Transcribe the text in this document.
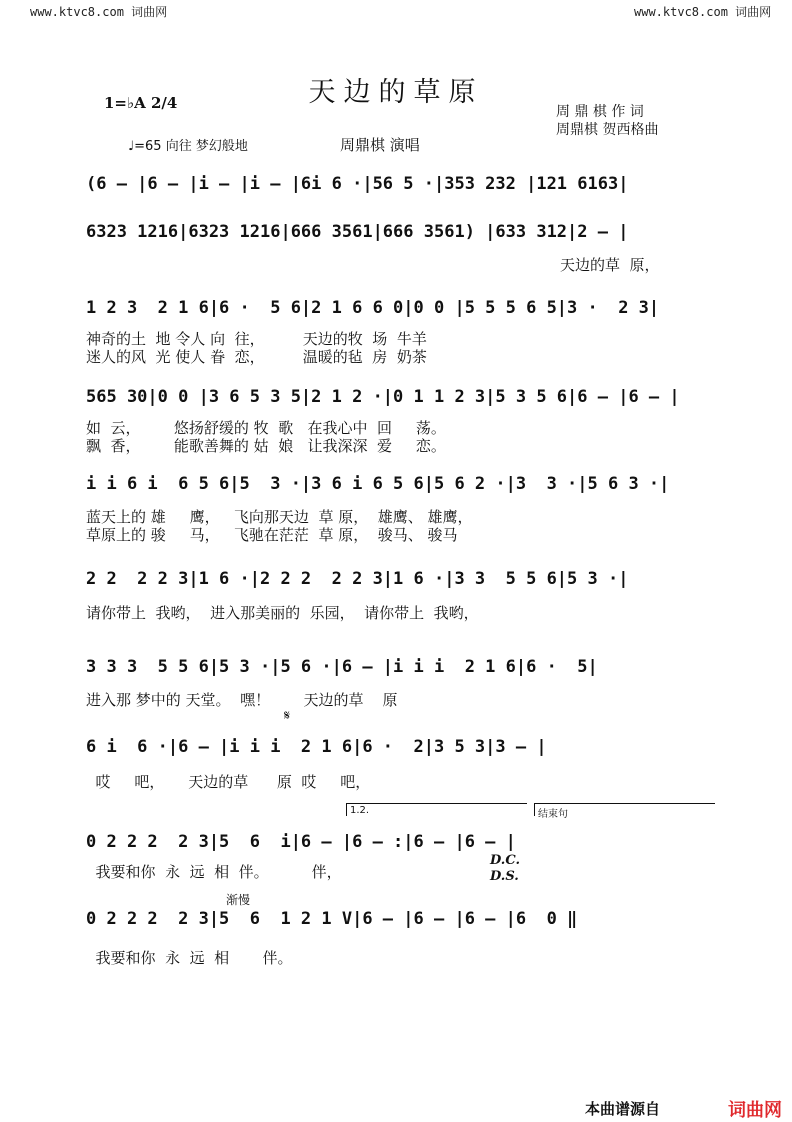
www.ktvc8.com 词曲网	www.ktvc8.com 词曲网
天边的草原
1=♭A 2/4	周 鼎 棋 作 词
周鼎棋 贺西格曲
♩=65 向往 梦幻般地	周鼎棋 演唱
(6 – |6 – |i – |i – |6i 6 ·|56 5 ·|353 232 |121 6163|
6323 1216|6323 1216|666 3561|666 3561) |633 312|2 – |
天边的草  原，
1 2 3  2 1 6|6 ·  5 6|2 1 6 6 0|0 0 |5 5 5 6 5|3 ·  2 3|
神奇的土  地 令人 向  往，        天边的牧  场  牛羊
迷人的风  光 使人 眷  恋，        温暖的毡  房  奶茶
565 30|0 0 |3 6 5 3 5|2 1 2 ·|0 1 1 2 3|5 3 5 6|6 – |6 – |
如  云，       悠扬舒缓的 牧  歌   在我心中  回     荡。
飘  香，       能歌善舞的 姑  娘   让我深深  爱     恋。
i i 6 i  6 5 6|5  3 ·|3 6 i 6 5 6|5 6 2 ·|3  3 ·|5 6 3 ·|
蓝天上的 雄     鹰，   飞向那天边  草 原，  雄鹰、 雄鹰，
草原上的 骏     马，   飞驰在茫茫  草 原，  骏马、 骏马
2 2  2 2 3|1 6 ·|2 2 2  2 2 3|1 6 ·|3 3  5 5 6|5 3 ·|
请你带上  我哟，  进入那美丽的  乐园，  请你带上  我哟，
3 3 3  5 5 6|5 3 ·|5 6 ·|6 – |i i i  2 1 6|6 ·  5|
进入那 梦中的 天堂。  嘿！       天边的草    原
𝄋
6 i  6 ·|6 – |i i i  2 1 6|6 ·  2|3 5 3|3 – |
哎     吧，     天边的草      原  哎     吧，
1.2.	结束句
0 2 2 2  2 3|5  6  i|6 – |6 – :|6 – |6 – |
D.C.
D.S.
我要和你  永  远  相  伴。         伴，
渐慢
0 2 2 2  2 3|5  6  1 2 1 V|6 – |6 – |6 – |6  0 ‖
我要和你  永  远  相       伴。
本曲谱源自	词曲网
